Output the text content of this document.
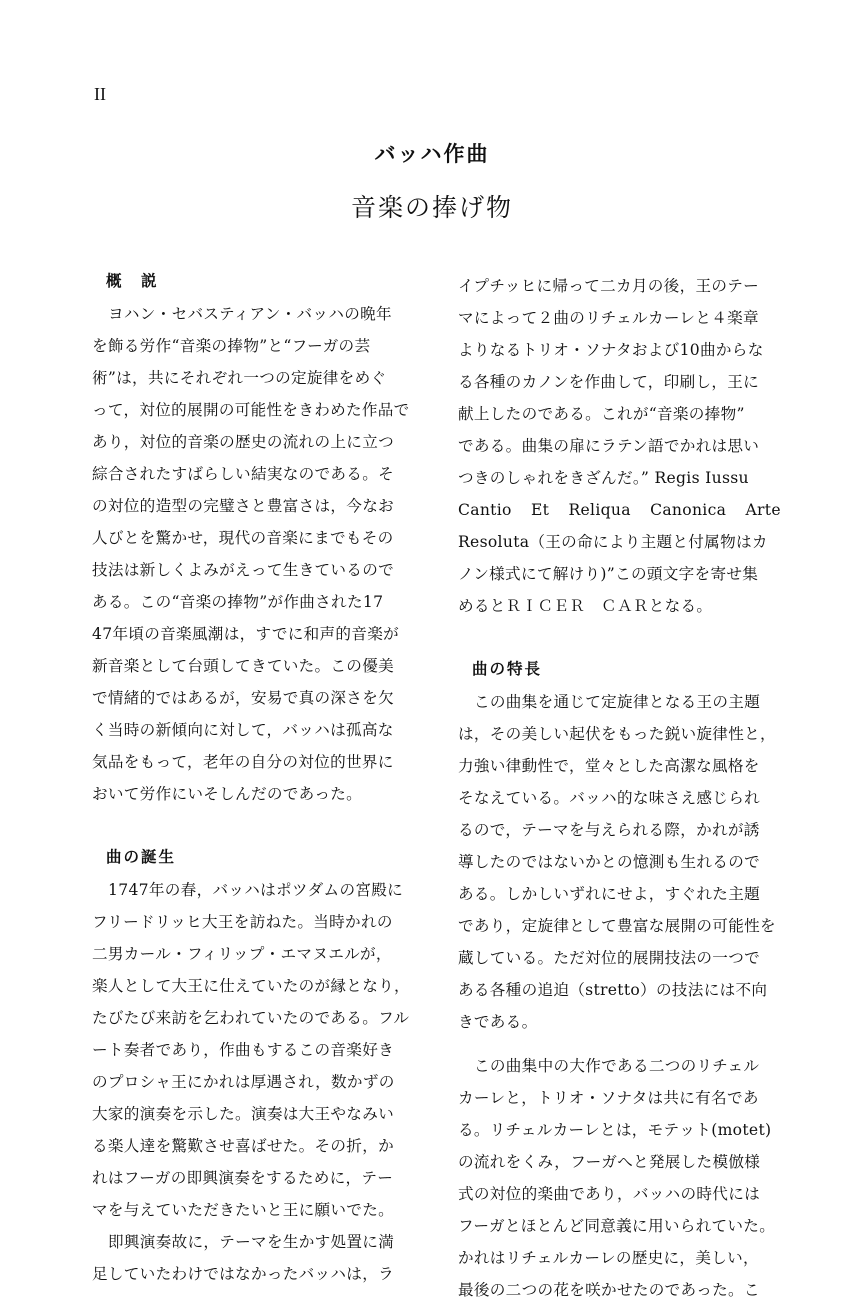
II
バッハ作曲
音楽の捧げ物
概　説
ヨハン・セバスティアン・バッハの晩年
を飾る労作“音楽の捧物”と“フーガの芸
術”は，共にそれぞれ一つの定旋律をめぐ
って，対位的展開の可能性をきわめた作品で
あり，対位的音楽の歴史の流れの上に立つ
綜合されたすばらしい結実なのである。そ
の対位的造型の完璧さと豊富さは，今なお
人びとを驚かせ，現代の音楽にまでもその
技法は新しくよみがえって生きているので
ある。この“音楽の捧物”が作曲された17
47年頃の音楽風潮は，すでに和声的音楽が
新音楽として台頭してきていた。この優美
で情緒的ではあるが，安易で真の深さを欠
く当時の新傾向に対して，バッハは孤高な
気品をもって，老年の自分の対位的世界に
おいて労作にいそしんだのであった。
曲の誕生
1747年の春，バッハはポツダムの宮殿に
フリードリッヒ大王を訪ねた。当時かれの
二男カール・フィリップ・エマヌエルが，
楽人として大王に仕えていたのが縁となり，
たびたび来訪を乞われていたのである。フル
ート奏者であり，作曲もするこの音楽好き
のプロシャ王にかれは厚遇され，数かずの
大家的演奏を示した。演奏は大王やなみい
る楽人達を驚歎させ喜ばせた。その折，か
れはフーガの即興演奏をするために，テー
マを与えていただきたいと王に願いでた。
即興演奏故に，テーマを生かす処置に満
足していたわけではなかったバッハは，ラ
イプチッヒに帰って二カ月の後，王のテー
マによって２曲のリチェルカーレと４楽章
よりなるトリオ・ソナタおよび10曲からな
る各種のカノンを作曲して，印刷し，王に
献上したのである。これが“音楽の捧物”
である。曲集の扉にラテン語でかれは思い
つきのしゃれをきざんだ。” Regis Iussu
Cantio Et Reliqua Canonica Arte
Resoluta（王の命により主題と付属物はカ
ノン様式にて解けり)”この頭文字を寄せ集
めるとＲＩＣＥＲ　ＣＡＲとなる。
曲の特長
この曲集を通じて定旋律となる王の主題
は，その美しい起伏をもった鋭い旋律性と，
力強い律動性で，堂々とした高潔な風格を
そなえている。バッハ的な味さえ感じられ
るので，テーマを与えられる際，かれが誘
導したのではないかとの憶測も生れるので
ある。しかしいずれにせよ，すぐれた主題
であり，定旋律として豊富な展開の可能性を
蔵している。ただ対位的展開技法の一つで
ある各種の追迫（stretto）の技法には不向
きである。
この曲集中の大作である二つのリチェル
カーレと，トリオ・ソナタは共に有名であ
る。リチェルカーレとは，モテット(motet)
の流れをくみ，フーガへと発展した模倣様
式の対位的楽曲であり，バッハの時代には
フーガとほとんど同意義に用いられていた。
かれはリチェルカーレの歴史に，美しい，
最後の二つの花を咲かせたのであった。こ
